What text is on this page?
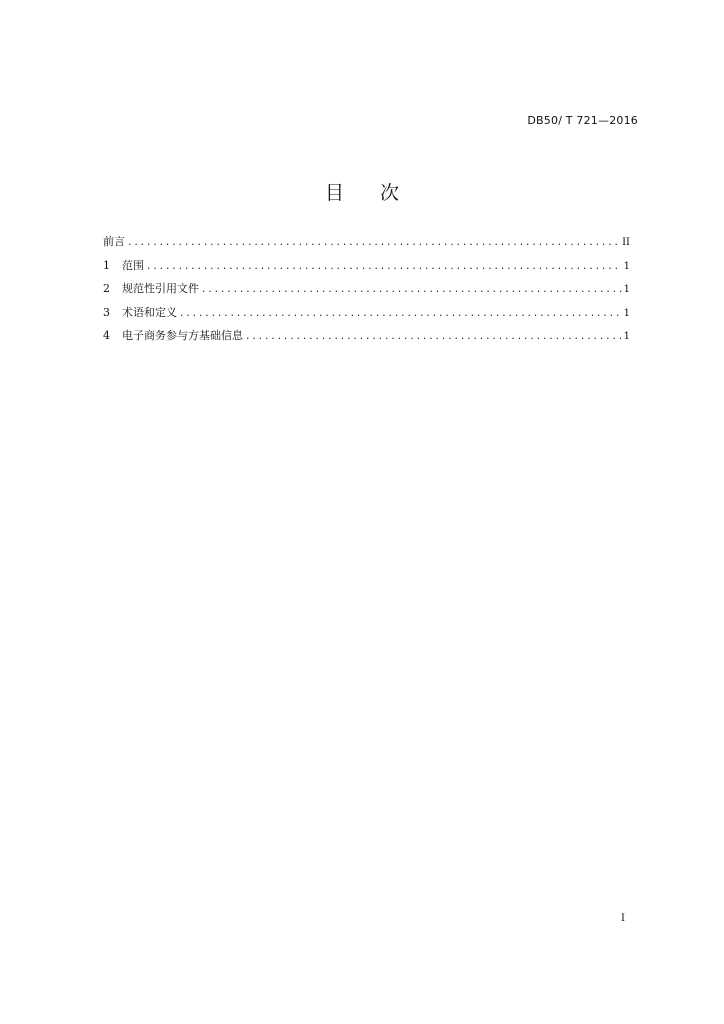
DB50/ T 721—2016
目 次
前言 .....	II
1	范围 .....	1
2	规范性引用文件 .....	1
3	术语和定义 .....	1
4	电子商务参与方基础信息 .....	1
I
